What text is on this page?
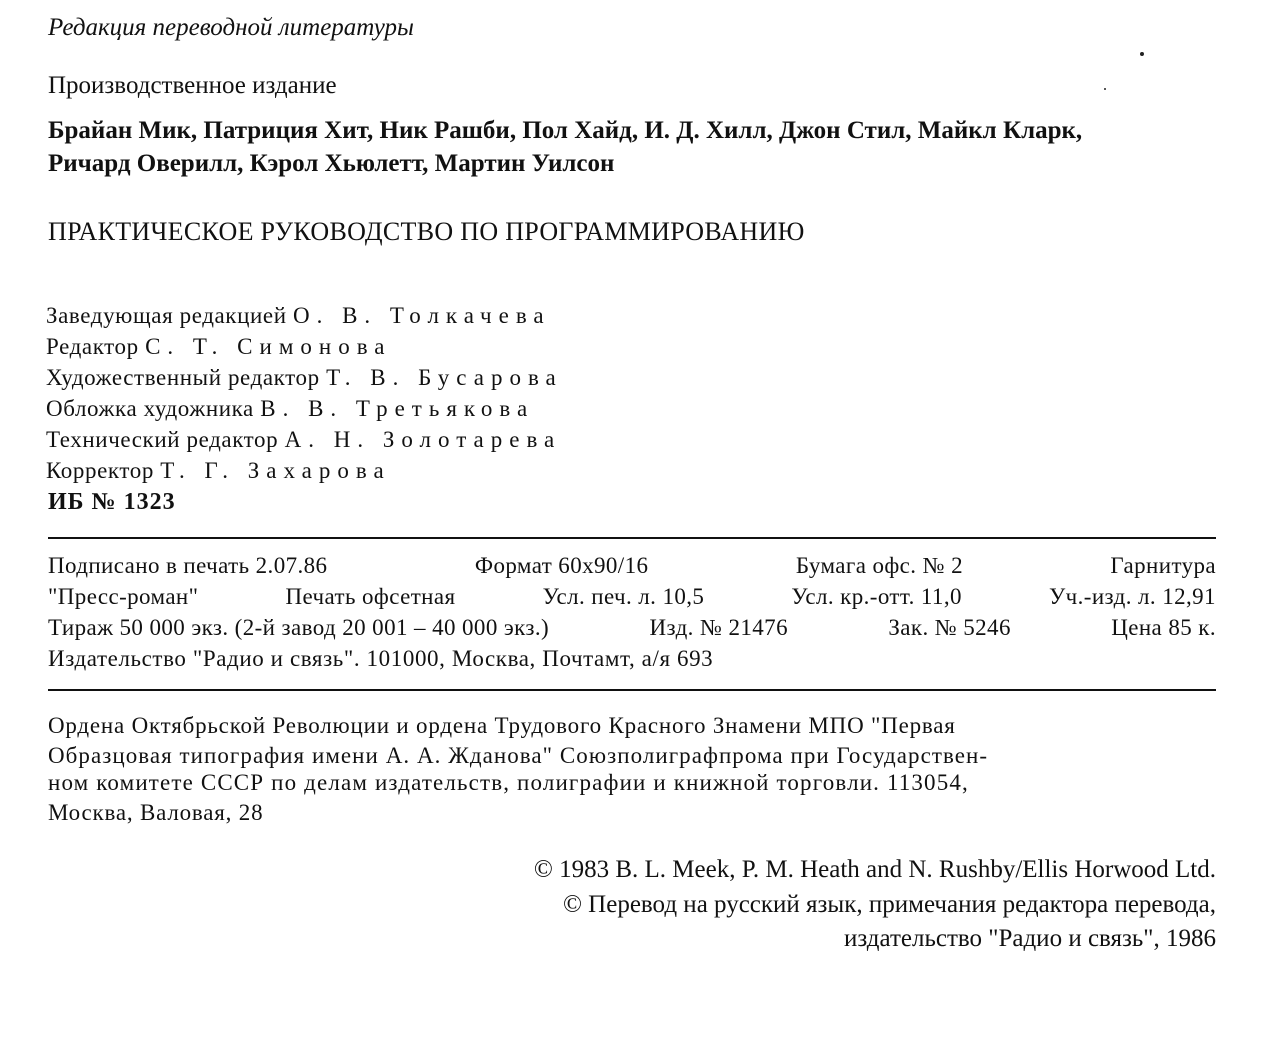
Редакция переводной литературы
Производственное издание
Брайан Мик, Патриция Хит, Ник Рашби, Пол Хайд, И. Д. Хилл, Джон Стил, Майкл Кларк,
Ричард Оверилл, Кэрол Хьюлетт, Мартин Уилсон
ПРАКТИЧЕСКОЕ РУКОВОДСТВО ПО ПРОГРАММИРОВАНИЮ
Заведующая редакцией О. В. Толкачева
Редактор С. Т. Симонова
Художественный редактор Т. В. Бусарова
Обложка художника В. В. Третьякова
Технический редактор А. Н. Золотарева
Корректор Т. Г. Захарова
ИБ № 1323
Подписано в печать 2.07.86	Формат 60x90/16	Бумага офс. № 2	Гарнитура
"Пресс-роман"	Печать офсетная	Усл. печ. л. 10,5	Усл. кр.-отт. 11,0	Уч.-изд. л. 12,91
Тираж 50 000 экз. (2-й завод 20 001 – 40 000 экз.)	Изд. № 21476	Зак. № 5246	Цена 85 к.
Издательство "Радио и связь". 101000, Москва, Почтамт, а/я 693
Ордена Октябрьской Революции и ордена Трудового Красного Знамени МПО "Первая
Образцовая типография имени А. А. Жданова" Союзполиграфпрома при Государствен-
ном комитете СССР по делам издательств, полиграфии и книжной торговли. 113054,
Москва, Валовая, 28
© 1983 B. L. Meek, P. M. Heath and N. Rushby/Ellis Horwood Ltd.
© Перевод на русский язык, примечания редактора перевода,
издательство "Радио и связь", 1986
